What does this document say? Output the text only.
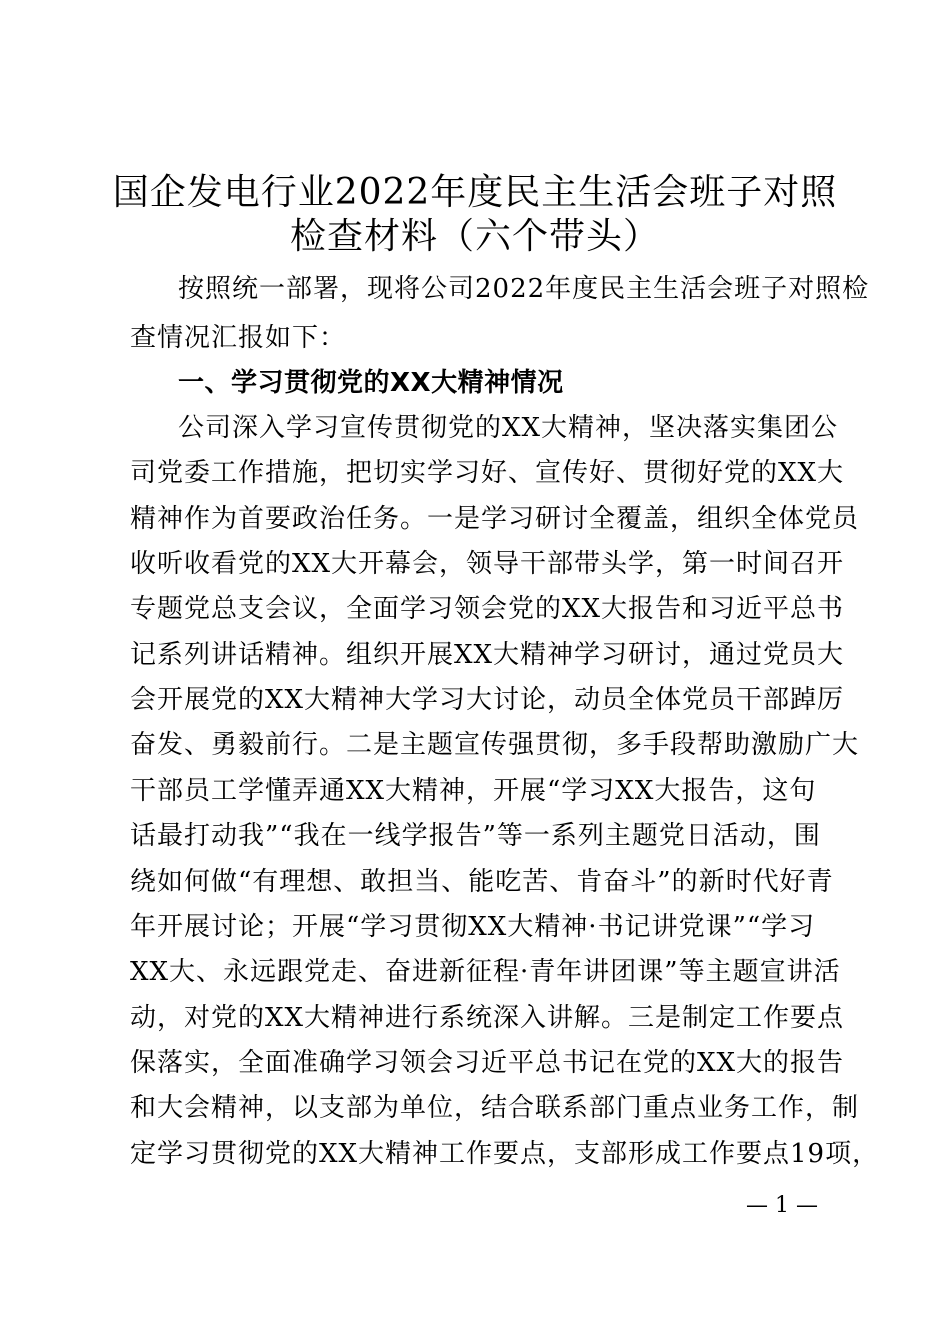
国企发电行业2022年度民主生活会班子对照
检查材料（六个带头）
按照统一部署，现将公司2022年度民主生活会班子对照检
查情况汇报如下：
一、学习贯彻党的XX大精神情况
公司深入学习宣传贯彻党的XX大精神，坚决落实集团公
司党委工作措施，把切实学习好、宣传好、贯彻好党的XX大
精神作为首要政治任务。一是学习研讨全覆盖，组织全体党员
收听收看党的XX大开幕会，领导干部带头学，第一时间召开
专题党总支会议，全面学习领会党的XX大报告和习近平总书
记系列讲话精神。组织开展XX大精神学习研讨，通过党员大
会开展党的XX大精神大学习大讨论，动员全体党员干部踔厉
奋发、勇毅前行。二是主题宣传强贯彻，多手段帮助激励广大
干部员工学懂弄通XX大精神，开展“学习XX大报告，这句
话最打动我”“我在一线学报告”等一系列主题党日活动，围
绕如何做“有理想、敢担当、能吃苦、肯奋斗”的新时代好青
年开展讨论；开展“学习贯彻XX大精神·书记讲党课”“学习
XX大、永远跟党走、奋进新征程·青年讲团课”等主题宣讲活
动，对党的XX大精神进行系统深入讲解。三是制定工作要点
保落实，全面准确学习领会习近平总书记在党的XX大的报告
和大会精神，以支部为单位，结合联系部门重点业务工作，制
定学习贯彻党的XX大精神工作要点，支部形成工作要点19项，
— 1 —
